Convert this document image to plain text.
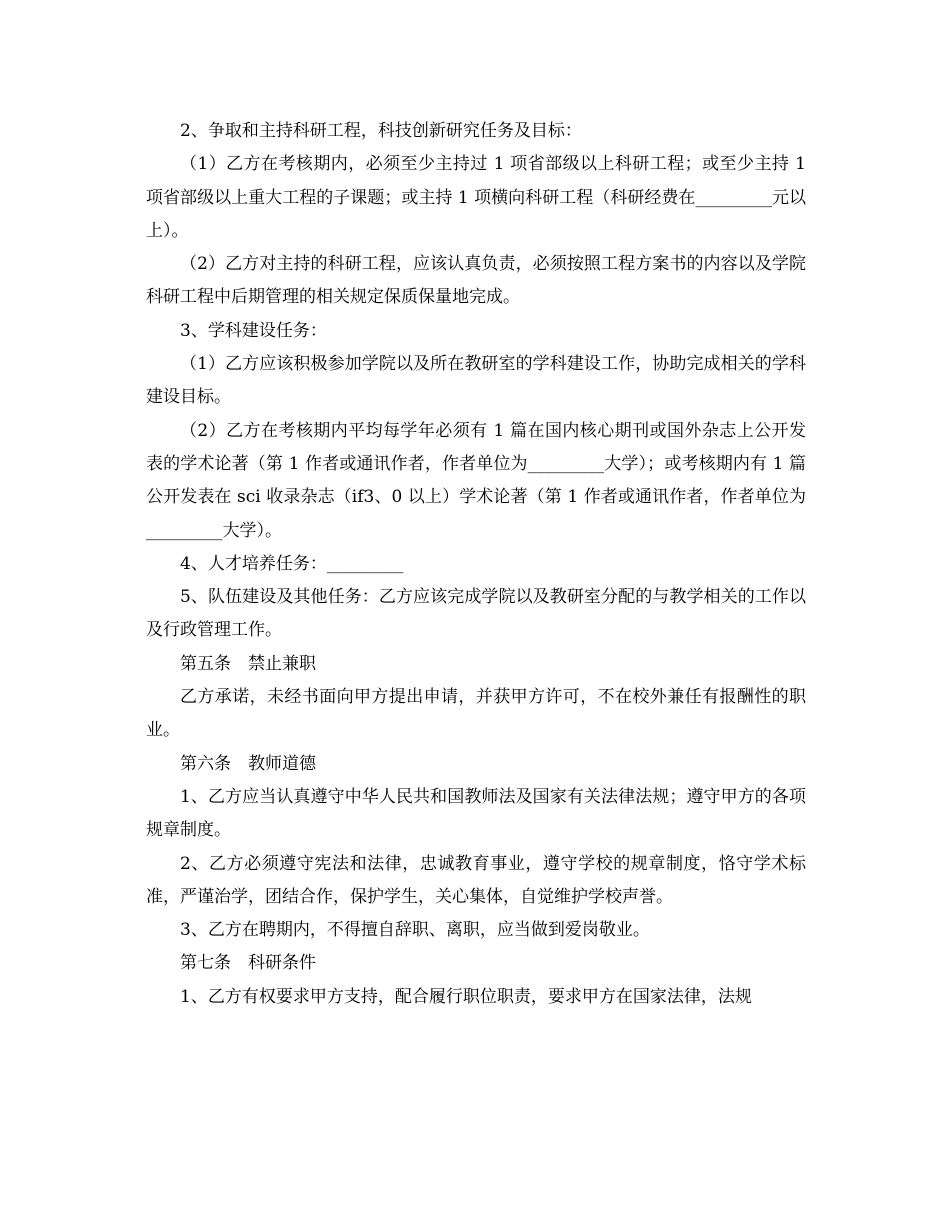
2、争取和主持科研工程，科技创新研究任务及目标：

（1）乙方在考核期内，必须至少主持过 1 项省部级以上科研工程；或至少主持 1 项省部级以上重大工程的子课题；或主持 1 项横向科研工程（科研经费在_________元以上）。

（2）乙方对主持的科研工程，应该认真负责，必须按照工程方案书的内容以及学院科研工程中后期管理的相关规定保质保量地完成。

3、学科建设任务：

（1）乙方应该积极参加学院以及所在教研室的学科建设工作，协助完成相关的学科建设目标。

（2）乙方在考核期内平均每学年必须有 1 篇在国内核心期刊或国外杂志上公开发表的学术论著（第 1 作者或通讯作者，作者单位为_________大学）；或考核期内有 1 篇公开发表在 sci 收录杂志（if3、0 以上）学术论著（第 1 作者或通讯作者，作者单位为_________大学）。

4、人才培养任务：_________

5、队伍建设及其他任务：乙方应该完成学院以及教研室分配的与教学相关的工作以及行政管理工作。

第五条　禁止兼职

乙方承诺，未经书面向甲方提出申请，并获甲方许可，不在校外兼任有报酬性的职业。

第六条　教师道德

1、乙方应当认真遵守中华人民共和国教师法及国家有关法律法规；遵守甲方的各项规章制度。

2、乙方必须遵守宪法和法律，忠诚教育事业，遵守学校的规章制度，恪守学术标准，严谨治学，团结合作，保护学生，关心集体，自觉维护学校声誉。

3、乙方在聘期内，不得擅自辞职、离职，应当做到爱岗敬业。

第七条　科研条件

1、乙方有权要求甲方支持，配合履行职位职责，要求甲方在国家法律，法规
